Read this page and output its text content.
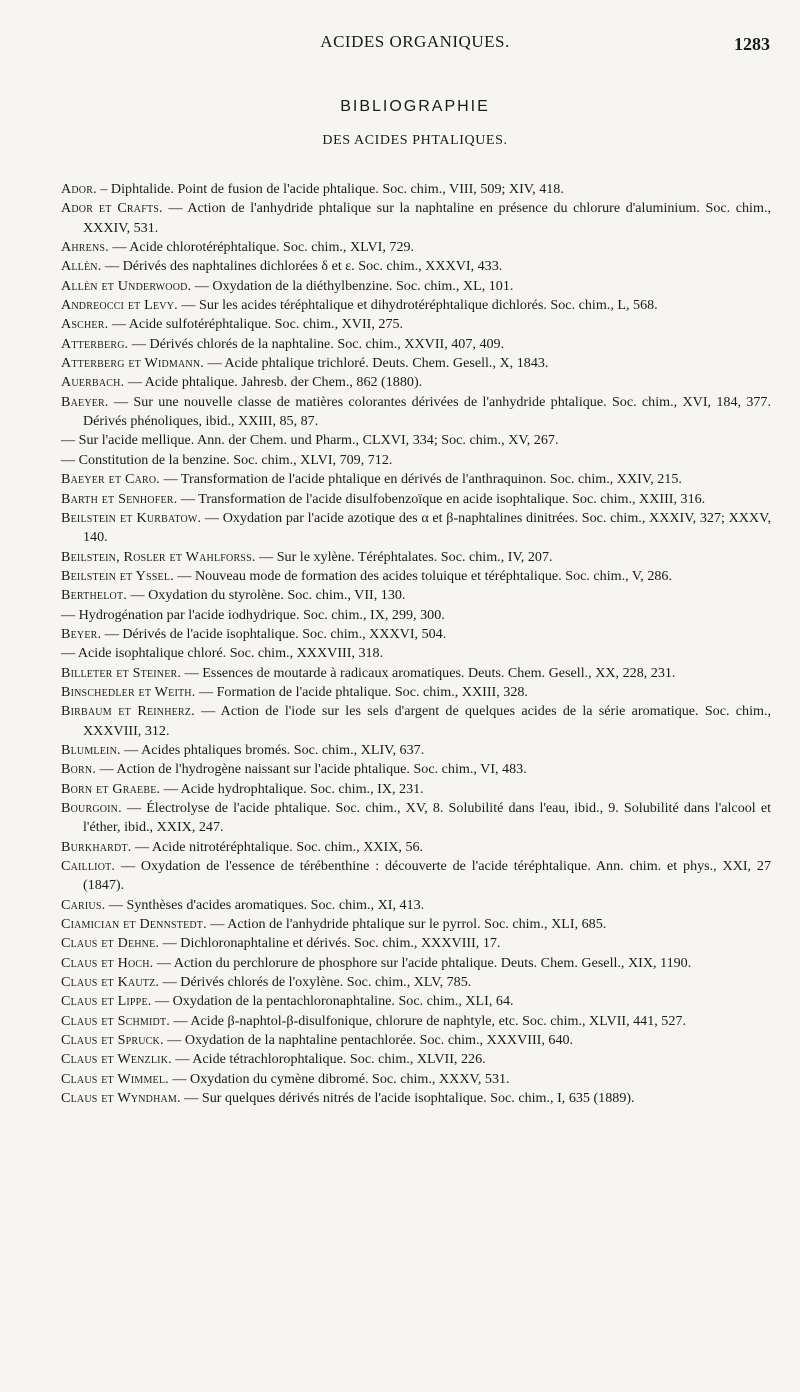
ACIDES ORGANIQUES.	1283
BIBLIOGRAPHIE
DES ACIDES PHTALIQUES.

Ador. – Diphtalide. Point de fusion de l'acide phtalique. Soc. chim., VIII, 509; XIV, 418.

Ador et Crafts. — Action de l'anhydride phtalique sur la naphtaline en présence du chlorure d'aluminium. Soc. chim., XXXIV, 531.

Ahrens. — Acide chlorotéréphtalique. Soc. chim., XLVI, 729.

Allèn. — Dérivés des naphtalines dichlorées δ et ε. Soc. chim., XXXVI, 433.

Allèn et Underwood. — Oxydation de la diéthylbenzine. Soc. chim., XL, 101.

Andreocci et Levy. — Sur les acides téréphtalique et dihydrotéréphtalique dichlorés. Soc. chim., L, 568.

Ascher. — Acide sulfotéréphtalique. Soc. chim., XVII, 275.

Atterberg. — Dérivés chlorés de la naphtaline. Soc. chim., XXVII, 407, 409.

Atterberg et Widmann. — Acide phtalique trichloré. Deuts. Chem. Gesell., X, 1843.

Auerbach. — Acide phtalique. Jahresb. der Chem., 862 (1880).

Baeyer. — Sur une nouvelle classe de matières colorantes dérivées de l'anhydride phtalique. Soc. chim., XVI, 184, 377. Dérivés phénoliques, ibid., XXIII, 85, 87.

— Sur l'acide mellique. Ann. der Chem. und Pharm., CLXVI, 334; Soc. chim., XV, 267.

— Constitution de la benzine. Soc. chim., XLVI, 709, 712.

Baeyer et Caro. — Transformation de l'acide phtalique en dérivés de l'anthraquinon. Soc. chim., XXIV, 215.

Barth et Senhofer. — Transformation de l'acide disulfobenzoïque en acide isophtalique. Soc. chim., XXIII, 316.

Beilstein et Kurbatow. — Oxydation par l'acide azotique des α et β-naphtalines dinitrées. Soc. chim., XXXIV, 327; XXXV, 140.

Beilstein, Rosler et Wahlforss. — Sur le xylène. Téréphtalates. Soc. chim., IV, 207.

Beilstein et Yssel. — Nouveau mode de formation des acides toluique et téréphtalique. Soc. chim., V, 286.

Berthelot. — Oxydation du styrolène. Soc. chim., VII, 130.

— Hydrogénation par l'acide iodhydrique. Soc. chim., IX, 299, 300.

Beyer. — Dérivés de l'acide isophtalique. Soc. chim., XXXVI, 504.

— Acide isophtalique chloré. Soc. chim., XXXVIII, 318.

Billeter et Steiner. — Essences de moutarde à radicaux aromatiques. Deuts. Chem. Gesell., XX, 228, 231.

Binschedler et Weith. — Formation de l'acide phtalique. Soc. chim., XXIII, 328.

Birbaum et Reinherz. — Action de l'iode sur les sels d'argent de quelques acides de la série aromatique. Soc. chim., XXXVIII, 312.

Blumlein. — Acides phtaliques bromés. Soc. chim., XLIV, 637.

Born. — Action de l'hydrogène naissant sur l'acide phtalique. Soc. chim., VI, 483.

Born et Graebe. — Acide hydrophtalique. Soc. chim., IX, 231.

Bourgoin. — Électrolyse de l'acide phtalique. Soc. chim., XV, 8. Solubilité dans l'eau, ibid., 9. Solubilité dans l'alcool et l'éther, ibid., XXIX, 247.

Burkhardt. — Acide nitrotéréphtalique. Soc. chim., XXIX, 56.

Cailliot. — Oxydation de l'essence de térébenthine : découverte de l'acide téréphtalique. Ann. chim. et phys., XXI, 27 (1847).

Carius. — Synthèses d'acides aromatiques. Soc. chim., XI, 413.

Ciamician et Dennstedt. — Action de l'anhydride phtalique sur le pyrrol. Soc. chim., XLI, 685.

Claus et Dehne. — Dichloronaphtaline et dérivés. Soc. chim., XXXVIII, 17.

Claus et Hoch. — Action du perchlorure de phosphore sur l'acide phtalique. Deuts. Chem. Gesell., XIX, 1190.

Claus et Kautz. — Dérivés chlorés de l'oxylène. Soc. chim., XLV, 785.

Claus et Lippe. — Oxydation de la pentachloronaphtaline. Soc. chim., XLI, 64.

Claus et Schmidt. — Acide β-naphtol-β-disulfonique, chlorure de naphtyle, etc. Soc. chim., XLVII, 441, 527.

Claus et Spruck. — Oxydation de la naphtaline pentachlorée. Soc. chim., XXXVIII, 640.

Claus et Wenzlik. — Acide tétrachlorophtalique. Soc. chim., XLVII, 226.

Claus et Wimmel. — Oxydation du cymène dibromé. Soc. chim., XXXV, 531.

Claus et Wyndham. — Sur quelques dérivés nitrés de l'acide isophtalique. Soc. chim., I, 635 (1889).
